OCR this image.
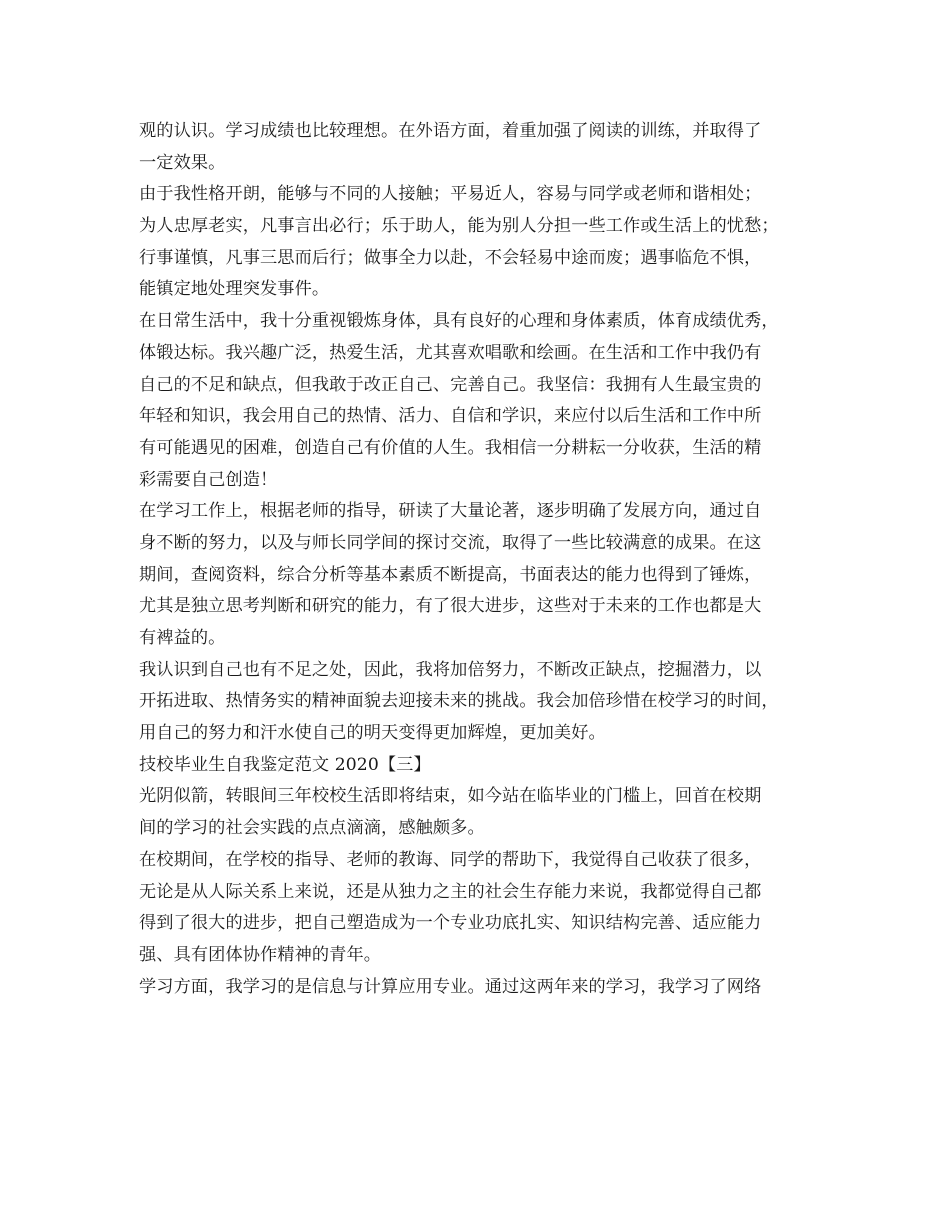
观的认识。学习成绩也比较理想。在外语方面，着重加强了阅读的训练，并取得了
一定效果。
由于我性格开朗，能够与不同的人接触；平易近人，容易与同学或老师和谐相处；
为人忠厚老实，凡事言出必行；乐于助人，能为别人分担一些工作或生活上的忧愁；
行事谨慎，凡事三思而后行；做事全力以赴，不会轻易中途而废；遇事临危不惧，
能镇定地处理突发事件。
在日常生活中，我十分重视锻炼身体，具有良好的心理和身体素质，体育成绩优秀，
体锻达标。我兴趣广泛，热爱生活，尤其喜欢唱歌和绘画。在生活和工作中我仍有
自己的不足和缺点，但我敢于改正自己、完善自己。我坚信：我拥有人生最宝贵的
年轻和知识，我会用自己的热情、活力、自信和学识，来应付以后生活和工作中所
有可能遇见的困难，创造自己有价值的人生。我相信一分耕耘一分收获，生活的精
彩需要自己创造！
在学习工作上，根据老师的指导，研读了大量论著，逐步明确了发展方向，通过自
身不断的努力，以及与师长同学间的探讨交流，取得了一些比较满意的成果。在这
期间，查阅资料，综合分析等基本素质不断提高，书面表达的能力也得到了锤炼，
尤其是独立思考判断和研究的能力，有了很大进步，这些对于未来的工作也都是大
有裨益的。
我认识到自己也有不足之处，因此，我将加倍努力，不断改正缺点，挖掘潜力，以
开拓进取、热情务实的精神面貌去迎接未来的挑战。我会加倍珍惜在校学习的时间，
用自己的努力和汗水使自己的明天变得更加辉煌，更加美好。
技校毕业生自我鉴定范文 2020【三】
光阴似箭，转眼间三年校校生活即将结束，如今站在临毕业的门槛上，回首在校期
间的学习的社会实践的点点滴滴，感触颇多。
在校期间，在学校的指导、老师的教诲、同学的帮助下，我觉得自己收获了很多，
无论是从人际关系上来说，还是从独力之主的社会生存能力来说，我都觉得自己都
得到了很大的进步，把自己塑造成为一个专业功底扎实、知识结构完善、适应能力
强、具有团体协作精神的青年。
学习方面，我学习的是信息与计算应用专业。通过这两年来的学习，我学习了网络
